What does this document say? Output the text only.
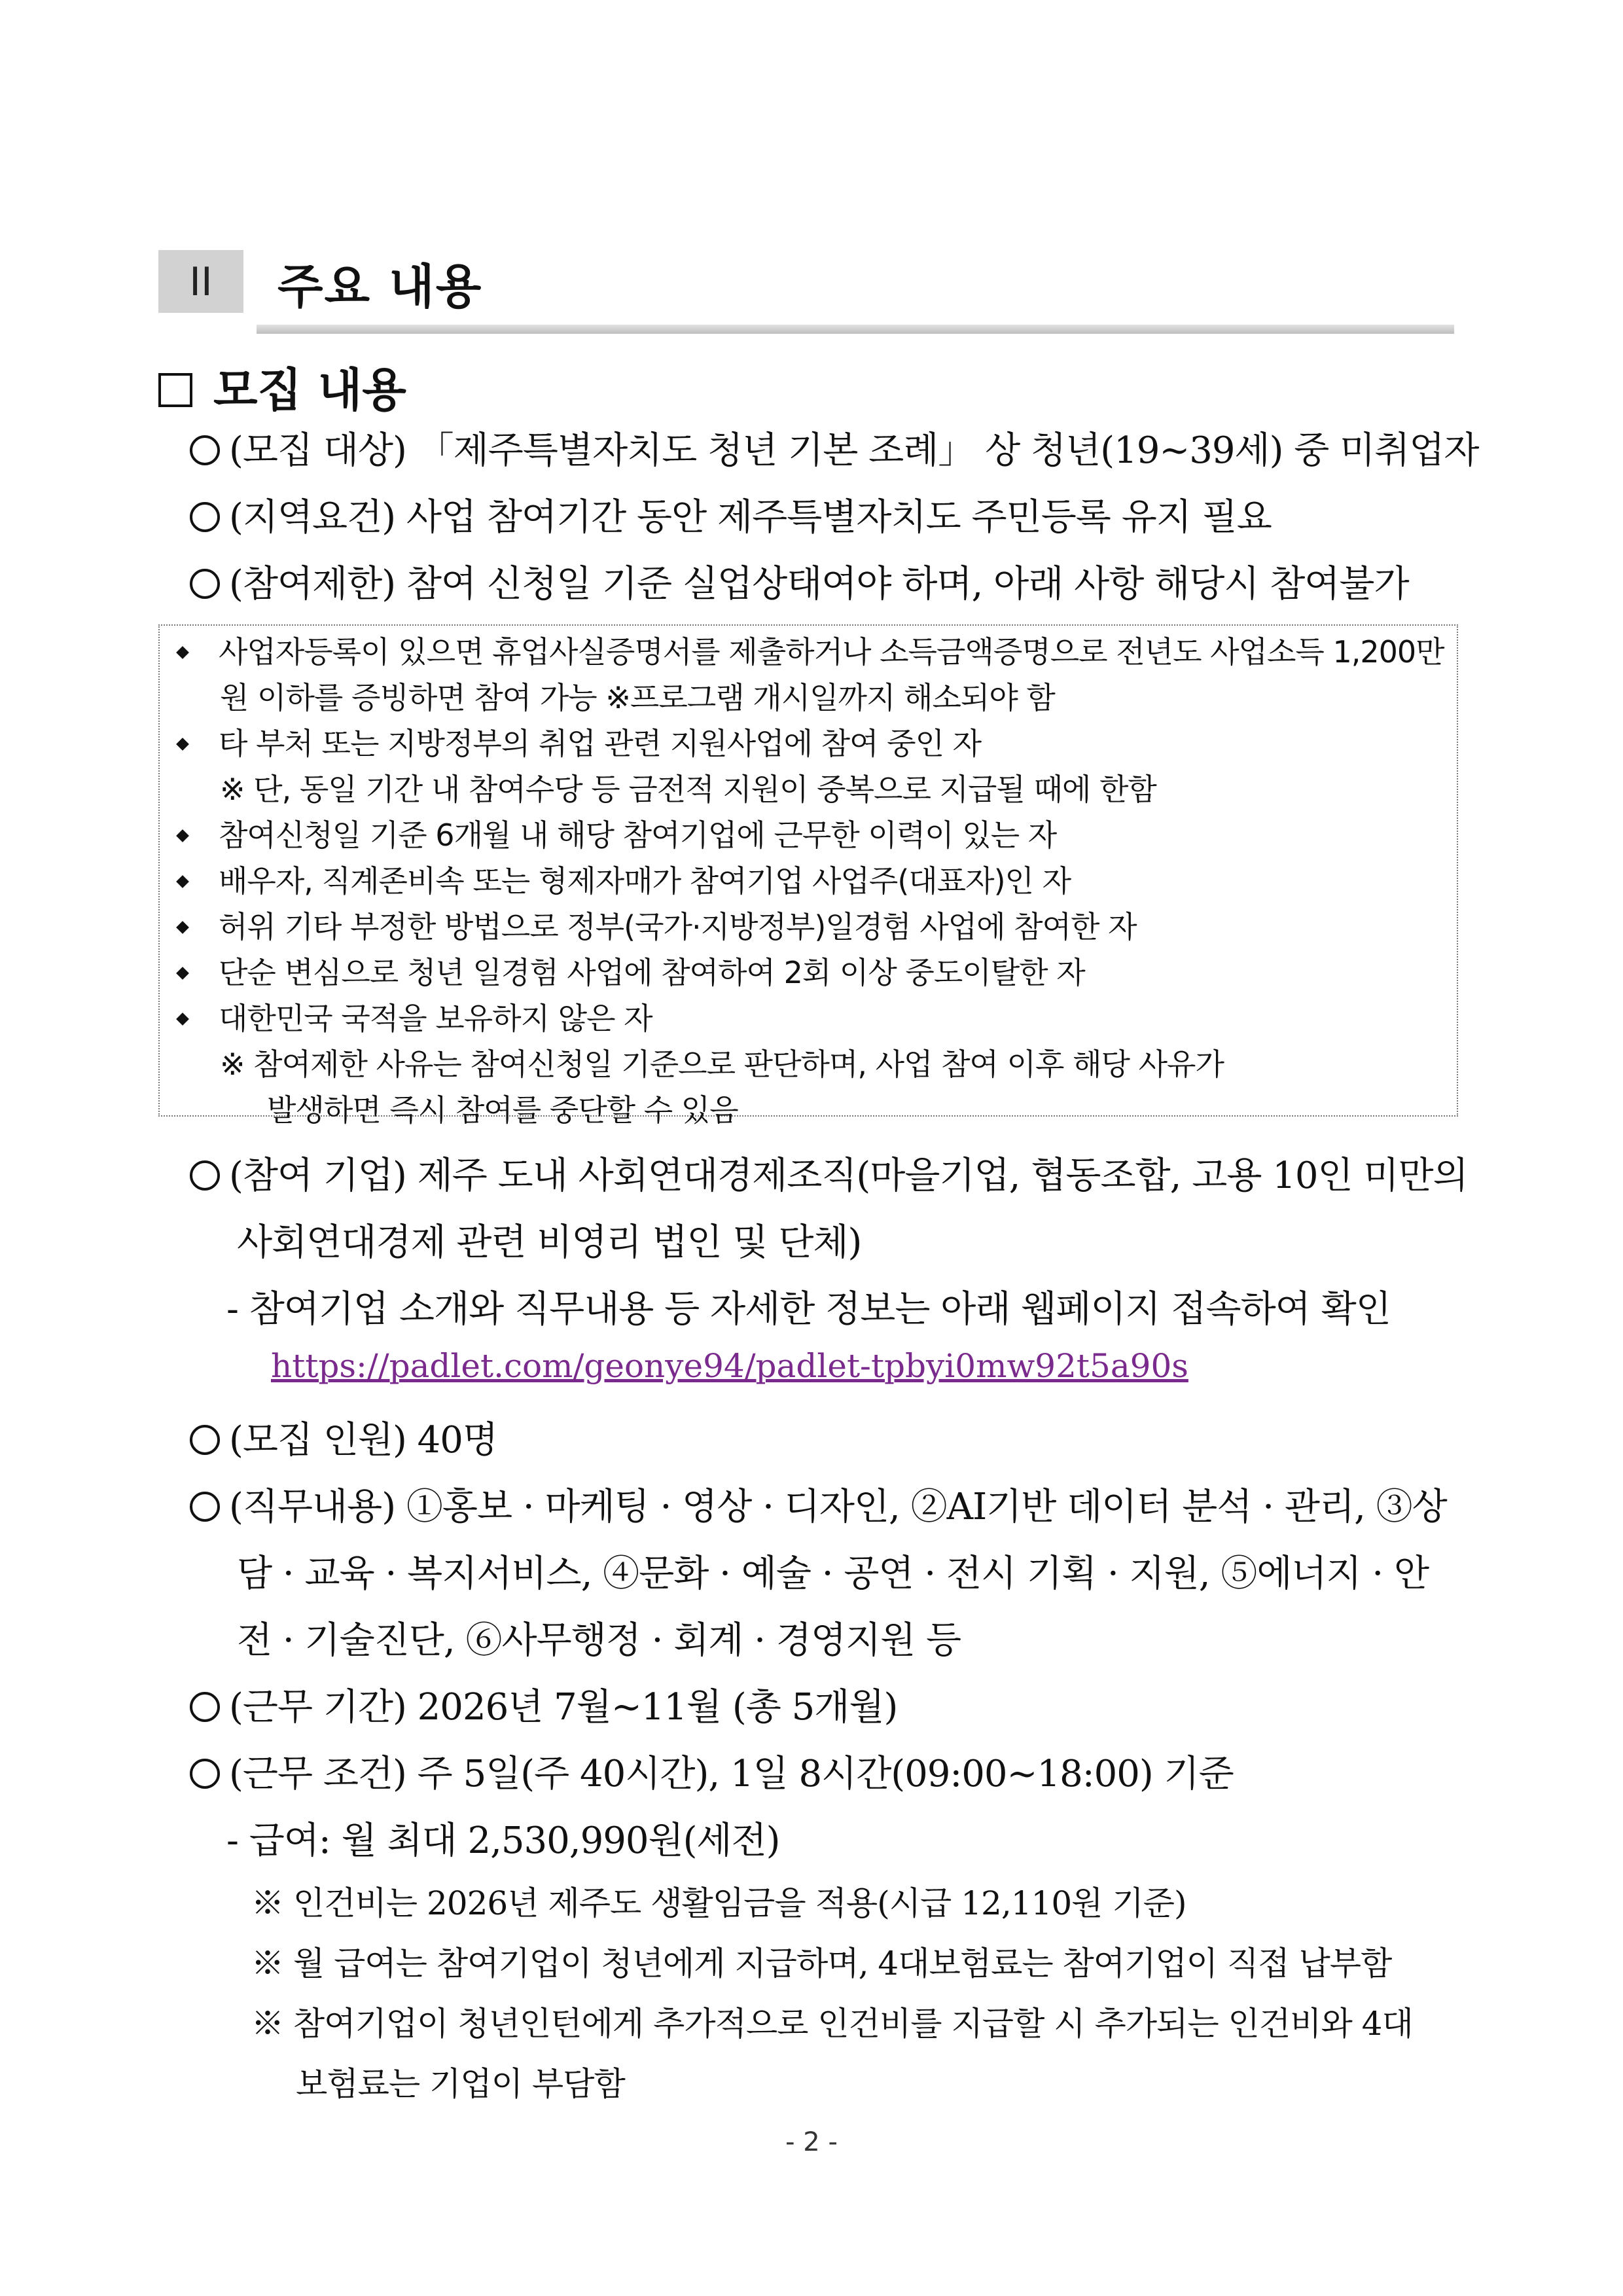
II	주요 내용
모집 내용
(모집 대상) 「제주특별자치도 청년 기본 조례」 상 청년(19~39세) 중 미취업자
(지역요건) 사업 참여기간 동안 제주특별자치도 주민등록 유지 필요
(참여제한) 참여 신청일 기준 실업상태여야 하며, 아래 사항 해당시 참여불가
사업자등록이 있으면 휴업사실증명서를 제출하거나 소득금액증명으로 전년도 사업소득 1,200만
원 이하를 증빙하면 참여 가능 ※프로그램 개시일까지 해소되야 함
타 부처 또는 지방정부의 취업 관련 지원사업에 참여 중인 자
※ 단, 동일 기간 내 참여수당 등 금전적 지원이 중복으로 지급될 때에 한함
참여신청일 기준 6개월 내 해당 참여기업에 근무한 이력이 있는 자
배우자, 직계존비속 또는 형제자매가 참여기업 사업주(대표자)인 자
허위 기타 부정한 방법으로 정부(국가·지방정부)일경험 사업에 참여한 자
단순 변심으로 청년 일경험 사업에 참여하여 2회 이상 중도이탈한 자
대한민국 국적을 보유하지 않은 자
※ 참여제한 사유는 참여신청일 기준으로 판단하며, 사업 참여 이후 해당 사유가
발생하면 즉시 참여를 중단할 수 있음
(참여 기업) 제주 도내 사회연대경제조직(마을기업, 협동조합, 고용 10인 미만의
사회연대경제 관련 비영리 법인 및 단체)
- 참여기업 소개와 직무내용 등 자세한 정보는 아래 웹페이지 접속하여 확인
https://padlet.com/geonye94/padlet-tpbyi0mw92t5a90s
(모집 인원) 40명
(직무내용) ①홍보 · 마케팅 · 영상 · 디자인, ②AI기반 데이터 분석 · 관리, ③상
담 · 교육 · 복지서비스, ④문화 · 예술 · 공연 · 전시 기획 · 지원, ⑤에너지 · 안
전 · 기술진단, ⑥사무행정 · 회계 · 경영지원 등
(근무 기간) 2026년 7월~11월 (총 5개월)
(근무 조건) 주 5일(주 40시간), 1일 8시간(09:00~18:00) 기준
- 급여: 월 최대 2,530,990원(세전)
※ 인건비는 2026년 제주도 생활임금을 적용(시급 12,110원 기준)
※ 월 급여는 참여기업이 청년에게 지급하며, 4대보험료는 참여기업이 직접 납부함
※ 참여기업이 청년인턴에게 추가적으로 인건비를 지급할 시 추가되는 인건비와 4대
보험료는 기업이 부담함
- 2 -
